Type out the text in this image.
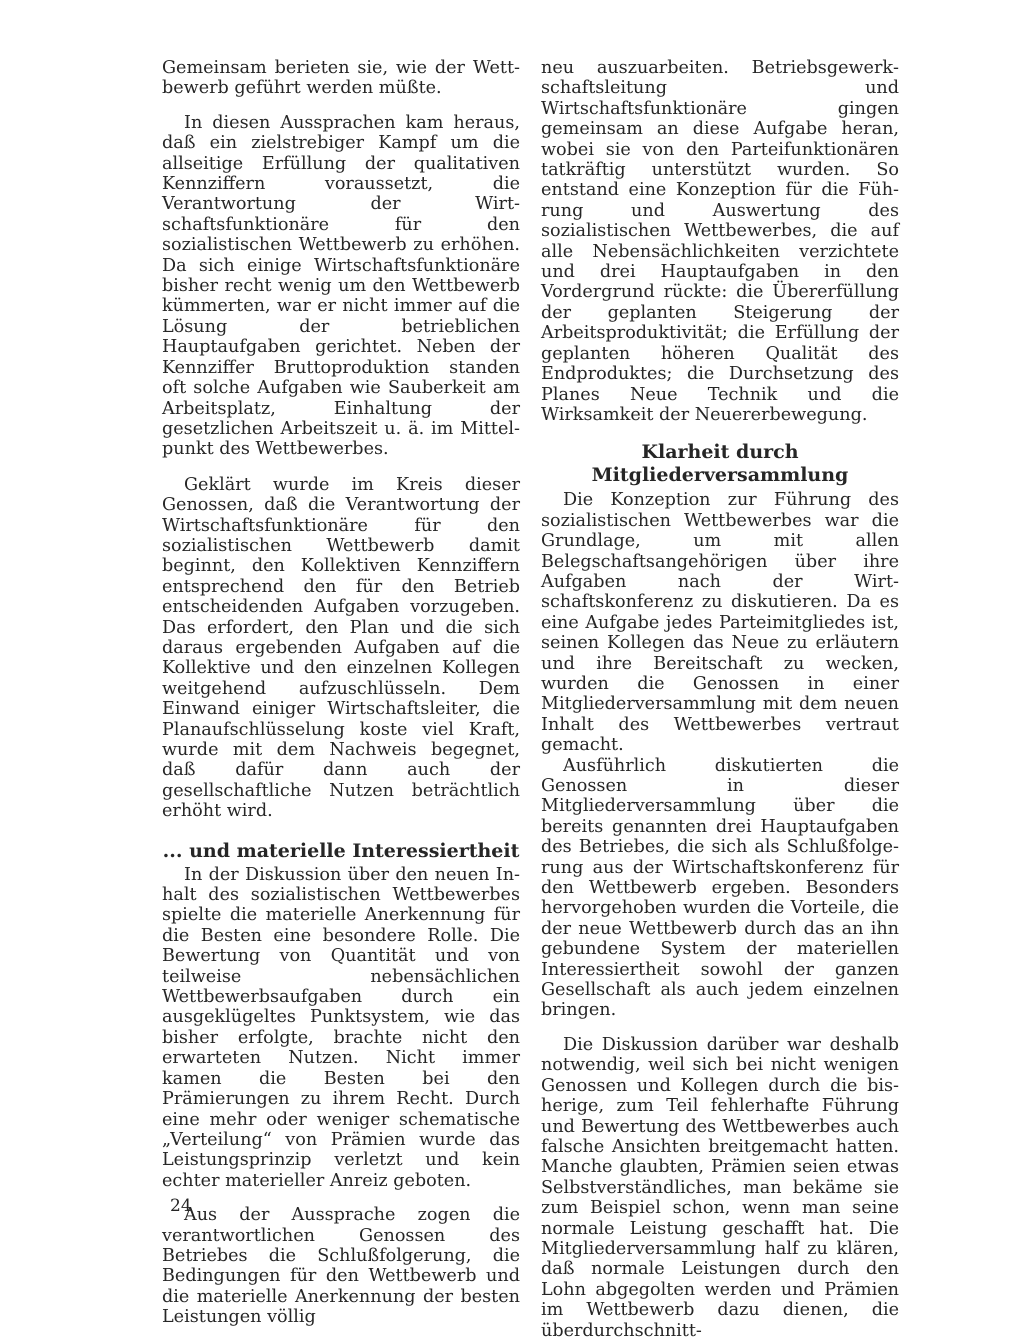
Gemeinsam berieten sie, wie der Wettbewerb geführt werden müßte.

In diesen Aussprachen kam heraus, daß ein zielstrebiger Kampf um die allseitige Erfüllung der qualitativen Kennziffern voraussetzt, die Verantwortung der Wirtschaftsfunktionäre für den sozialistischen Wettbewerb zu erhöhen. Da sich einige Wirtschaftsfunktionäre bisher recht wenig um den Wettbewerb kümmerten, war er nicht immer auf die Lösung der betrieblichen Hauptaufgaben gerichtet. Neben der Kennziffer Bruttoproduktion standen oft solche Aufgaben wie Sauberkeit am Arbeitsplatz, Einhaltung der gesetzlichen Arbeitszeit u. ä. im Mittelpunkt des Wettbewerbes.

Geklärt wurde im Kreis dieser Genossen, daß die Verantwortung der Wirtschaftsfunktionäre für den sozialistischen Wettbewerb damit beginnt, den Kollektiven Kennziffern entsprechend den für den Betrieb entscheidenden Aufgaben vorzugeben. Das erfordert, den Plan und die sich daraus ergebenden Aufgaben auf die Kollektive und den einzelnen Kollegen weitgehend aufzuschlüsseln. Dem Einwand einiger Wirtschaftsleiter, die Planaufschlüsselung koste viel Kraft, wurde mit dem Nachweis begegnet, daß dafür dann auch der gesellschaftliche Nutzen beträchtlich erhöht wird.

... und materielle Interessiertheit

In der Diskussion über den neuen Inhalt des sozialistischen Wettbewerbes spielte die materielle Anerkennung für die Besten eine besondere Rolle. Die Bewertung von Quantität und von teilweise nebensächlichen Wettbewerbsaufgaben durch ein ausgeklügeltes Punktsystem, wie das bisher erfolgte, brachte nicht den erwarteten Nutzen. Nicht immer kamen die Besten bei den Prämierungen zu ihrem Recht. Durch eine mehr oder weniger schematische „Verteilung“ von Prämien wurde das Leistungsprinzip verletzt und kein echter materieller Anreiz geboten.

Aus der Aussprache zogen die verantwortlichen Genossen des Betriebes die Schlußfolgerung, die Bedingungen für den Wettbewerb und die materielle Anerkennung der besten Leistungen völlig

neu auszuarbeiten. Betriebsgewerkschaftsleitung und Wirtschaftsfunktionäre gingen gemeinsam an diese Aufgabe heran, wobei sie von den Parteifunktionären tatkräftig unterstützt wurden. So entstand eine Konzeption für die Führung und Auswertung des sozialistischen Wettbewerbes, die auf alle Nebensächlichkeiten verzichtete und drei Hauptaufgaben in den Vordergrund rückte: die Übererfüllung der geplanten Steigerung der Arbeitsproduktivität; die Erfüllung der geplanten höheren Qualität des Endproduktes; die Durchsetzung des Planes Neue Technik und die Wirksamkeit der Neuererbewegung.

Klarheit durch
Mitgliederversammlung

Die Konzeption zur Führung des sozialistischen Wettbewerbes war die Grundlage, um mit allen Belegschaftsangehörigen über ihre Aufgaben nach der Wirtschaftskonferenz zu diskutieren. Da es eine Aufgabe jedes Parteimitgliedes ist, seinen Kollegen das Neue zu erläutern und ihre Bereitschaft zu wecken, wurden die Genossen in einer Mitgliederversammlung mit dem neuen Inhalt des Wettbewerbes vertraut gemacht.

Ausführlich diskutierten die Genossen in dieser Mitgliederversammlung über die bereits genannten drei Hauptaufgaben des Betriebes, die sich als Schlußfolgerung aus der Wirtschaftskonferenz für den Wettbewerb ergeben. Besonders hervorgehoben wurden die Vorteile, die der neue Wettbewerb durch das an ihn gebundene System der materiellen Interessiertheit sowohl der ganzen Gesellschaft als auch jedem einzelnen bringen.

Die Diskussion darüber war deshalb notwendig, weil sich bei nicht wenigen Genossen und Kollegen durch die bisherige, zum Teil fehlerhafte Führung und Bewertung des Wettbewerbes auch falsche Ansichten breitgemacht hatten. Manche glaubten, Prämien seien etwas Selbstverständliches, man bekäme sie zum Beispiel schon, wenn man seine normale Leistung geschafft hat. Die Mitgliederversammlung half zu klären, daß normale Leistungen durch den Lohn abgegolten werden und Prämien im Wettbewerb dazu dienen, die überdurchschnitt-

24
